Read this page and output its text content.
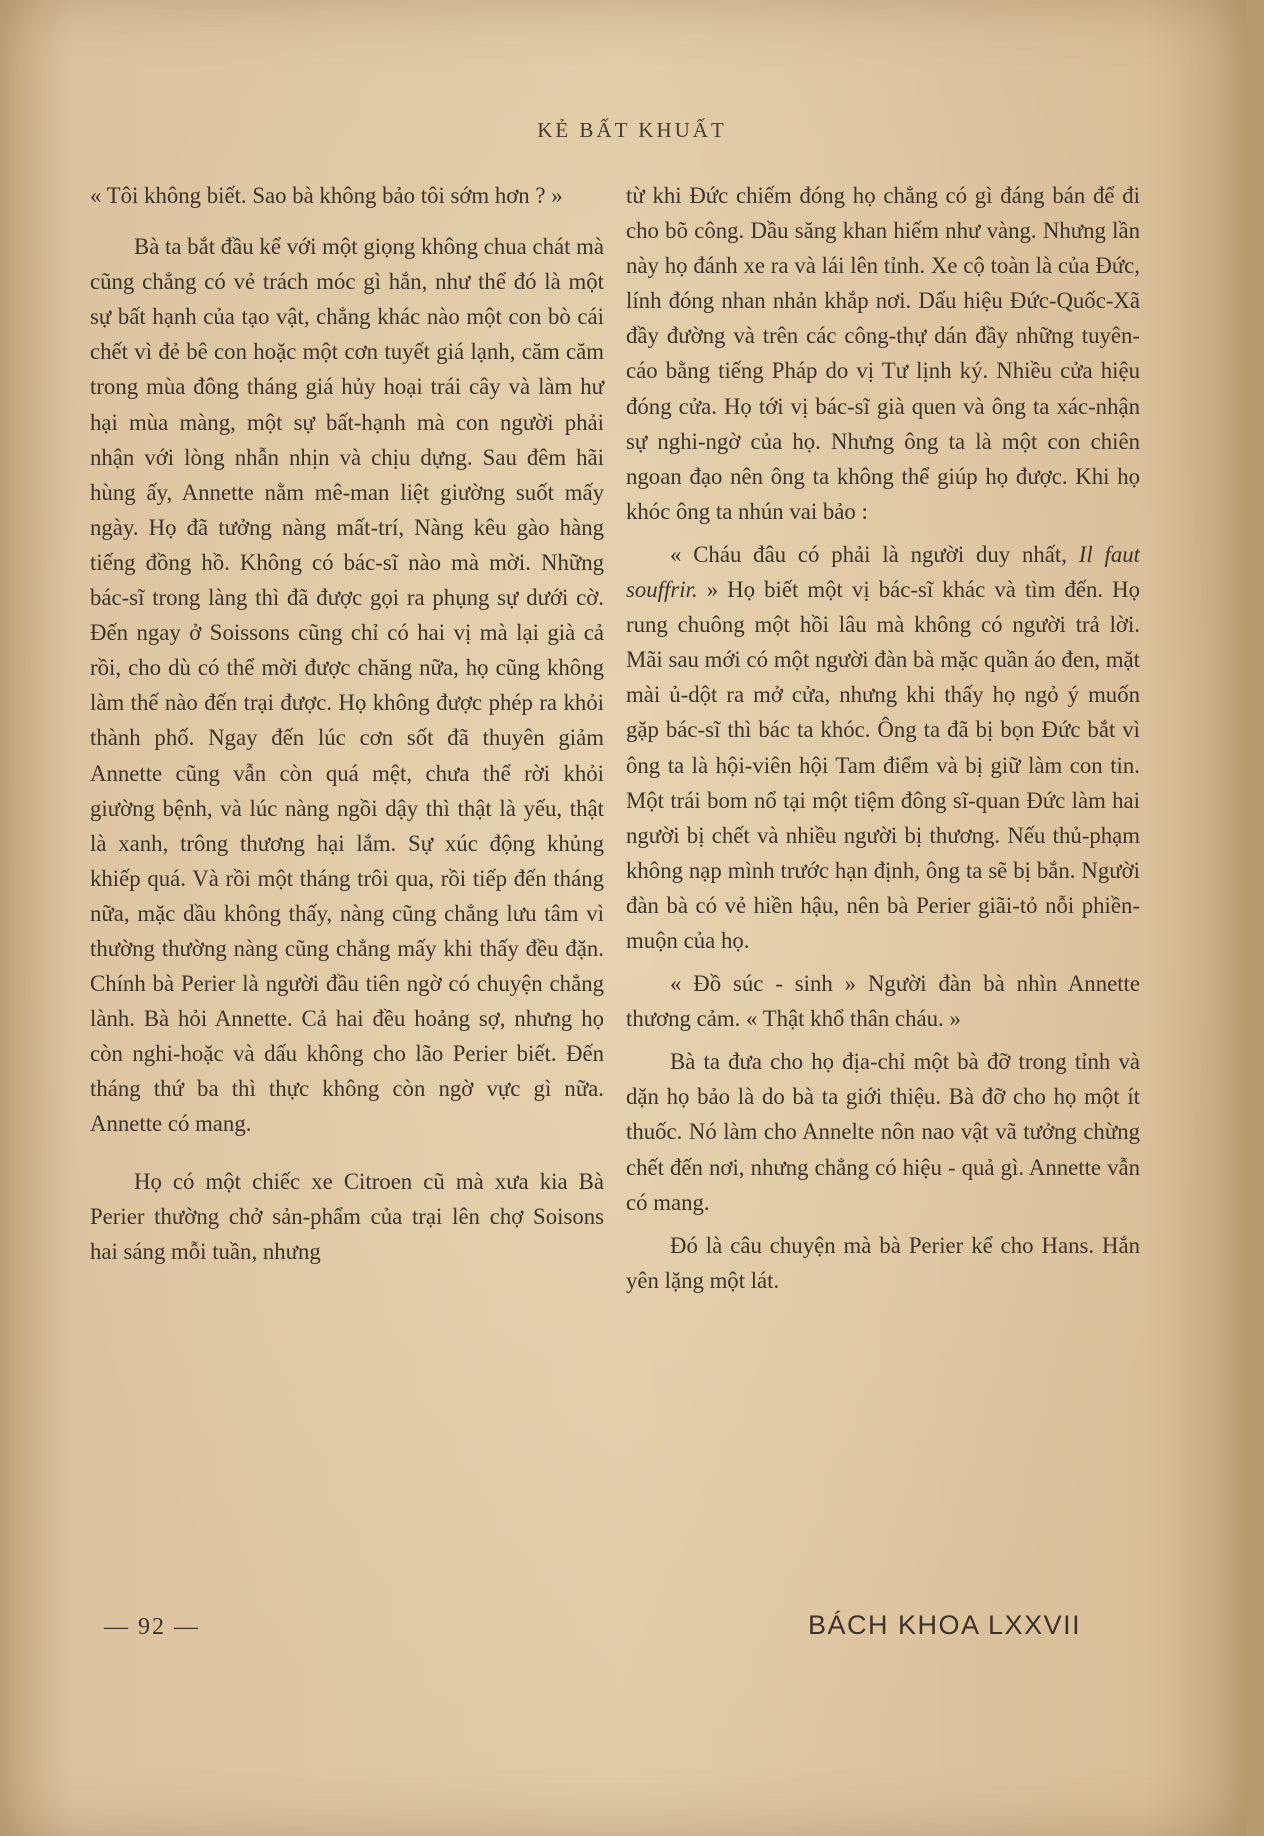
KẺ BẤT KHUẤT

« Tôi không biết. Sao bà không bảo tôi sớm hơn ? »

Bà ta bắt đầu kể với một giọng không chua chát mà cũng chẳng có vẻ trách móc gì hắn, như thể đó là một sự bất hạnh của tạo vật, chẳng khác nào một con bò cái chết vì đẻ bê con hoặc một cơn tuyết giá lạnh, căm căm trong mùa đông tháng giá hủy hoại trái cây và làm hư hại mùa màng, một sự bất-hạnh mà con người phải nhận với lòng nhẫn nhịn và chịu dựng. Sau đêm hãi hùng ấy, Annette nằm mê-man liệt giường suốt mấy ngày. Họ đã tưởng nàng mất-trí, Nàng kêu gào hàng tiếng đồng hồ. Không có bác-sĩ nào mà mời. Những bác-sĩ trong làng thì đã được gọi ra phụng sự dưới cờ. Đến ngay ở Soissons cũng chỉ có hai vị mà lại già cả rồi, cho dù có thể mời được chăng nữa, họ cũng không làm thế nào đến trại được. Họ không được phép ra khỏi thành phố. Ngay đến lúc cơn sốt đã thuyên giảm Annette cũng vẫn còn quá mệt, chưa thể rời khỏi giường bệnh, và lúc nàng ngồi dậy thì thật là yếu, thật là xanh, trông thương hại lắm. Sự xúc động khủng khiếp quá. Và rồi một tháng trôi qua, rồi tiếp đến tháng nữa, mặc dầu không thấy, nàng cũng chẳng lưu tâm vì thường thường nàng cũng chẳng mấy khi thấy đều đặn. Chính bà Perier là người đầu tiên ngờ có chuyện chẳng lành. Bà hỏi Annette. Cả hai đều hoảng sợ, nhưng họ còn nghi-hoặc và dấu không cho lão Perier biết. Đến tháng thứ ba thì thực không còn ngờ vực gì nữa. Annette có mang.

Họ có một chiếc xe Citroen cũ mà xưa kia Bà Perier thường chở sản-phẩm của trại lên chợ Soisons hai sáng mỗi tuần, nhưng

từ khi Đức chiếm đóng họ chẳng có gì đáng bán để đi cho bõ công. Dầu săng khan hiếm như vàng. Nhưng lần này họ đánh xe ra và lái lên tỉnh. Xe cộ toàn là của Đức, lính đóng nhan nhản khắp nơi. Dấu hiệu Đức-Quốc-Xã đầy đường và trên các công-thự dán đầy những tuyên-cáo bằng tiếng Pháp do vị Tư lịnh ký. Nhiều cửa hiệu đóng cửa. Họ tới vị bác-sĩ già quen và ông ta xác-nhận sự nghi-ngờ của họ. Nhưng ông ta là một con chiên ngoan đạo nên ông ta không thể giúp họ được. Khi họ khóc ông ta nhún vai bảo :

« Cháu đâu có phải là người duy nhất, Il faut souffrir. » Họ biết một vị bác-sĩ khác và tìm đến. Họ rung chuông một hồi lâu mà không có người trả lời. Mãi sau mới có một người đàn bà mặc quần áo đen, mặt mài ủ-dột ra mở cửa, nhưng khi thấy họ ngỏ ý muốn gặp bác-sĩ thì bác ta khóc. Ông ta đã bị bọn Đức bắt vì ông ta là hội-viên hội Tam điểm và bị giữ làm con tin. Một trái bom nổ tại một tiệm đông sĩ-quan Đức làm hai người bị chết và nhiều người bị thương. Nếu thủ-phạm không nạp mình trước hạn định, ông ta sẽ bị bắn. Người đàn bà có vẻ hiền hậu, nên bà Perier giãi-tỏ nỗi phiền-muộn của họ.

« Đồ súc - sinh » Người đàn bà nhìn Annette thương cảm. « Thật khổ thân cháu. »

Bà ta đưa cho họ địa-chỉ một bà đỡ trong tỉnh và dặn họ bảo là do bà ta giới thiệu. Bà đỡ cho họ một ít thuốc. Nó làm cho Annelte nôn nao vật vã tưởng chừng chết đến nơi, nhưng chẳng có hiệu - quả gì. Annette vẫn có mang.

Đó là câu chuyện mà bà Perier kể cho Hans. Hắn yên lặng một lát.

— 92 —	BÁCH KHOA LXXVII
